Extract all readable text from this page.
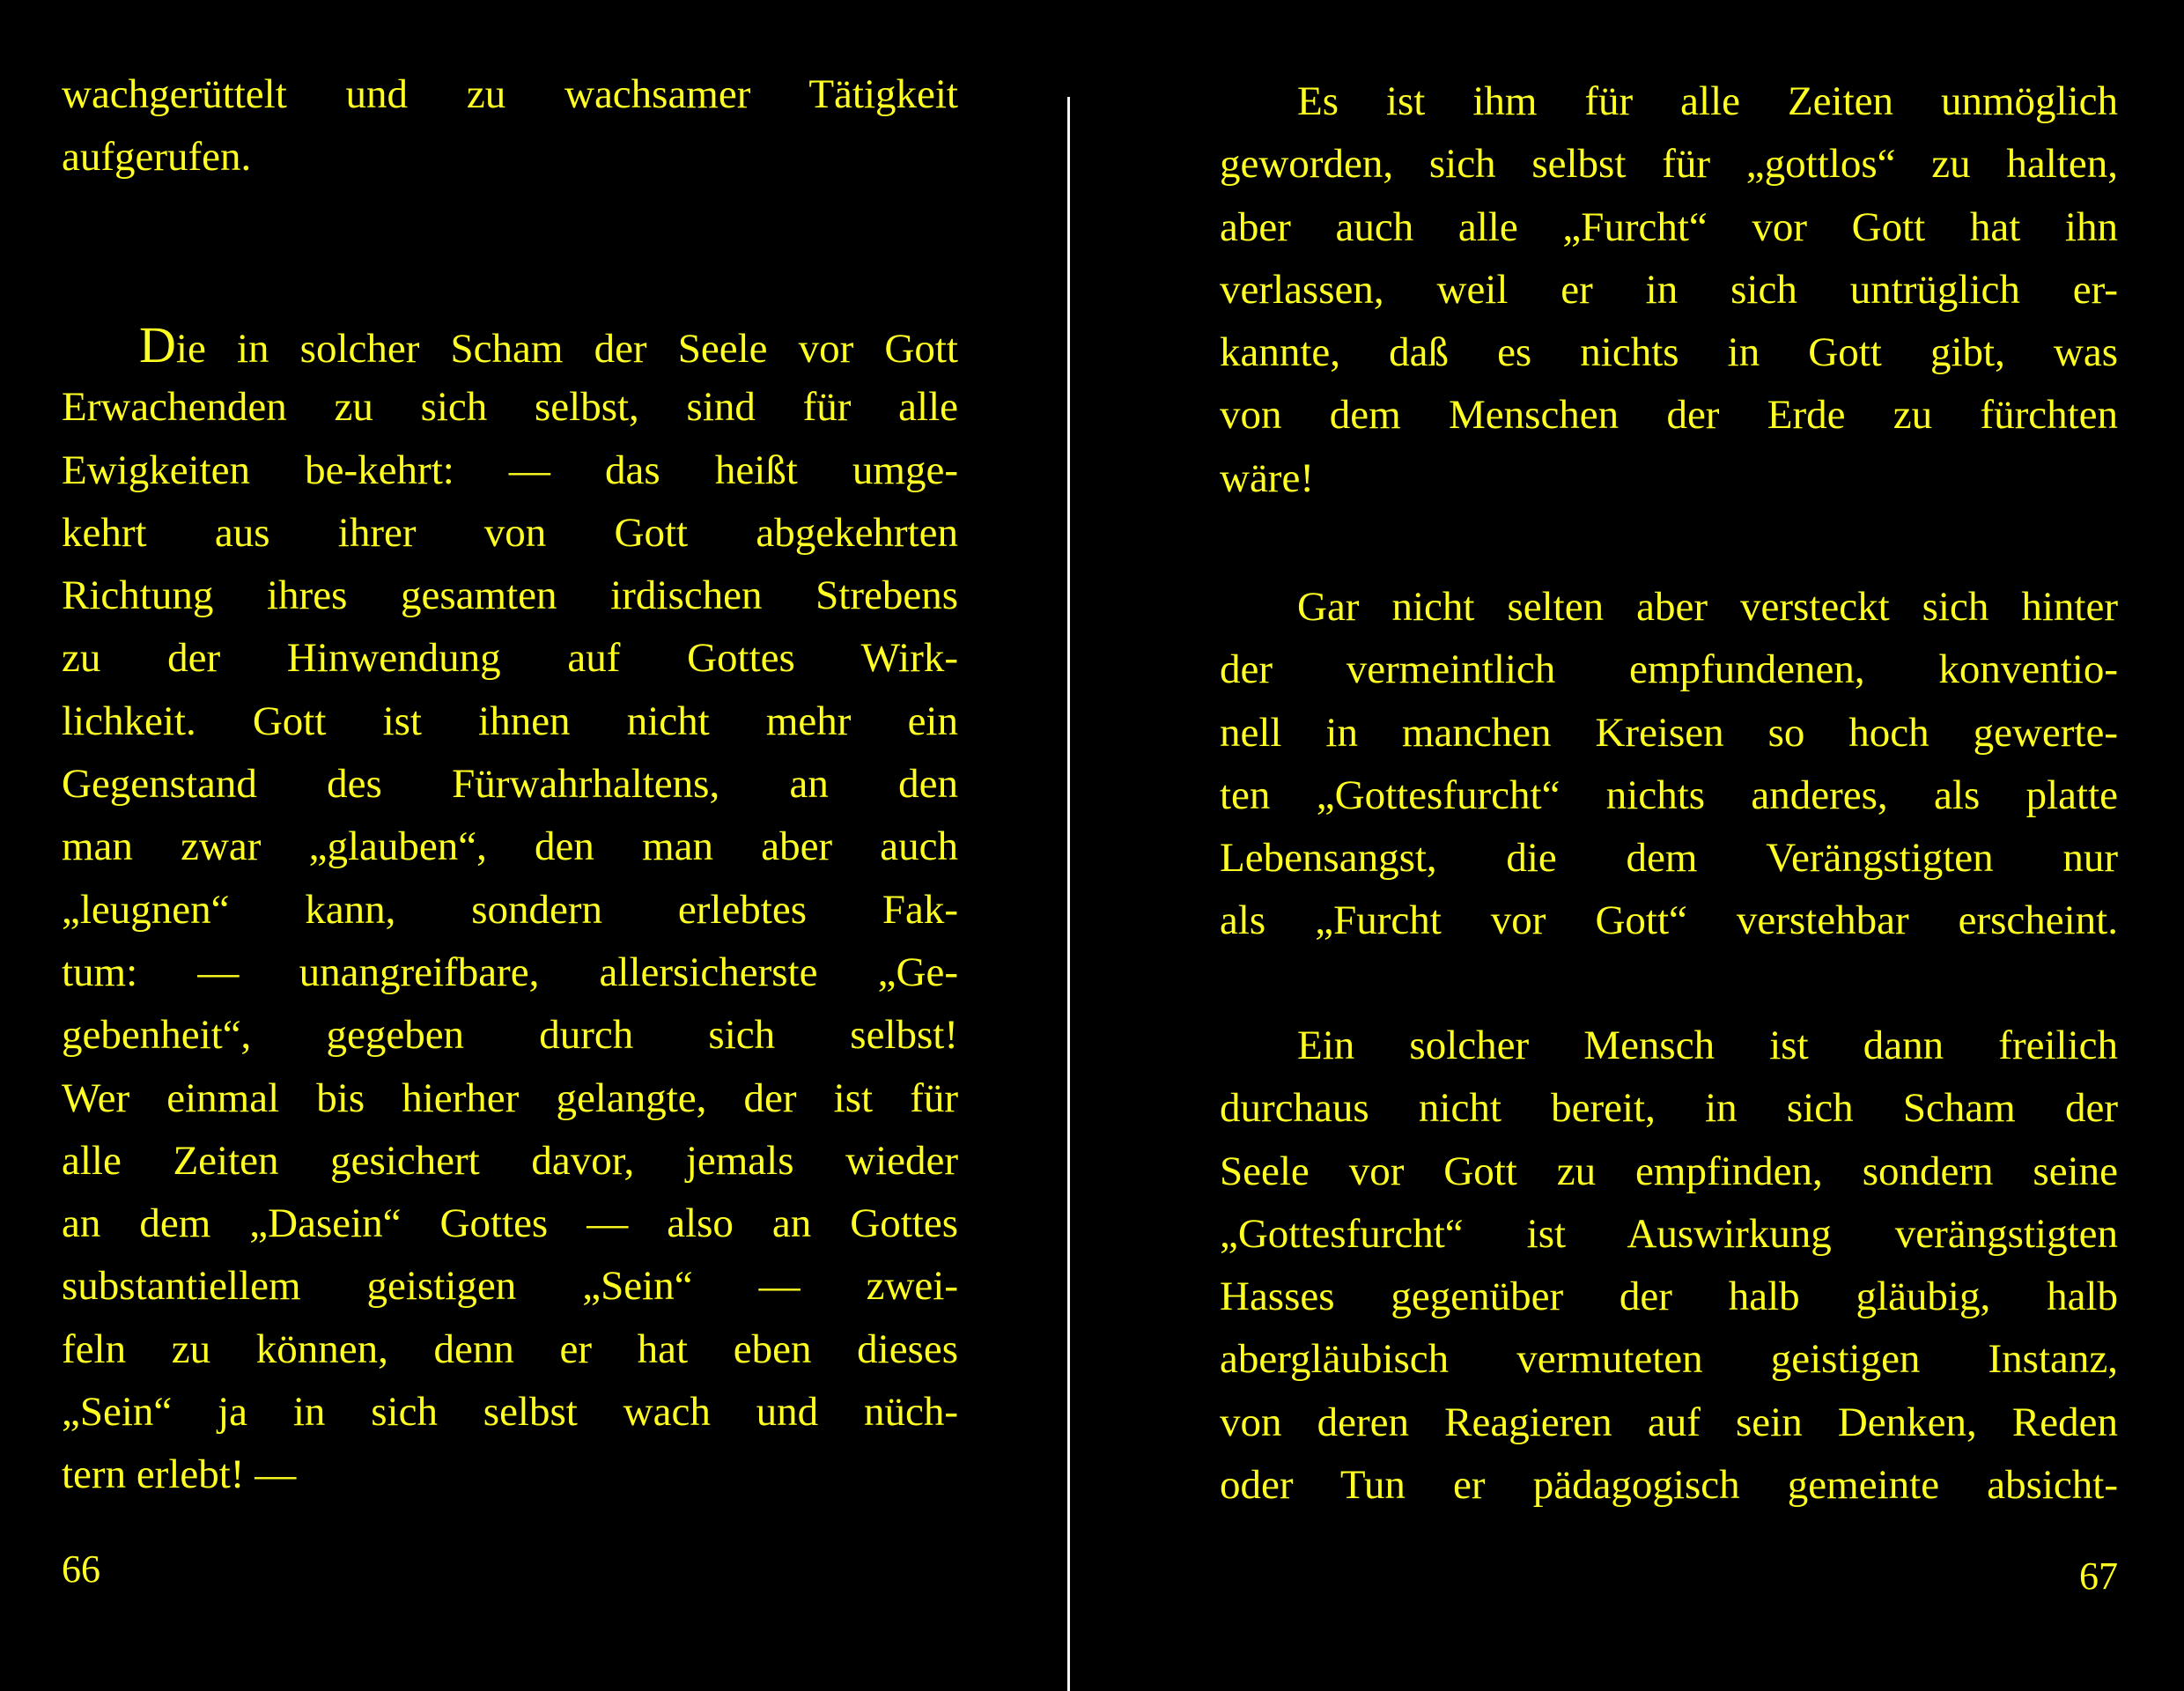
wachgerüttelt und zu wachsamer Tätigkeit
aufgerufen.
Die in solcher Scham der Seele vor Gott
Erwachenden zu sich selbst, sind für alle
Ewigkeiten be-kehrt: — das heißt umge-
kehrt aus ihrer von Gott abgekehrten
Richtung ihres gesamten irdischen Strebens
zu der Hinwendung auf Gottes Wirk-
lichkeit. Gott ist ihnen nicht mehr ein
Gegenstand des Fürwahrhaltens, an den
man zwar „glauben“, den man aber auch
„leugnen“ kann, sondern erlebtes Fak-
tum: — unangreifbare, allersicherste „Ge-
gebenheit“, gegeben durch sich selbst!
Wer einmal bis hierher gelangte, der ist für
alle Zeiten gesichert davor, jemals wieder
an dem „Dasein“ Gottes — also an Gottes
substantiellem geistigen „Sein“ — zwei-
feln zu können, denn er hat eben dieses
„Sein“ ja in sich selbst wach und nüch-
tern erlebt! —
66
Es ist ihm für alle Zeiten unmöglich
geworden, sich selbst für „gottlos“ zu halten,
aber auch alle „Furcht“ vor Gott hat ihn
verlassen, weil er in sich untrüglich er-
kannte, daß es nichts in Gott gibt, was
von dem Menschen der Erde zu fürchten
wäre!
Gar nicht selten aber versteckt sich hinter
der vermeintlich empfundenen, konventio-
nell in manchen Kreisen so hoch gewerte-
ten „Gottesfurcht“ nichts anderes, als platte
Lebensangst, die dem Verängstigten nur
als „Furcht vor Gott“ verstehbar erscheint.
Ein solcher Mensch ist dann freilich
durchaus nicht bereit, in sich Scham der
Seele vor Gott zu empfinden, sondern seine
„Gottesfurcht“ ist Auswirkung verängstigten
Hasses gegenüber der halb gläubig, halb
abergläubisch vermuteten geistigen Instanz,
von deren Reagieren auf sein Denken, Reden
oder Tun er pädagogisch gemeinte absicht-
67
